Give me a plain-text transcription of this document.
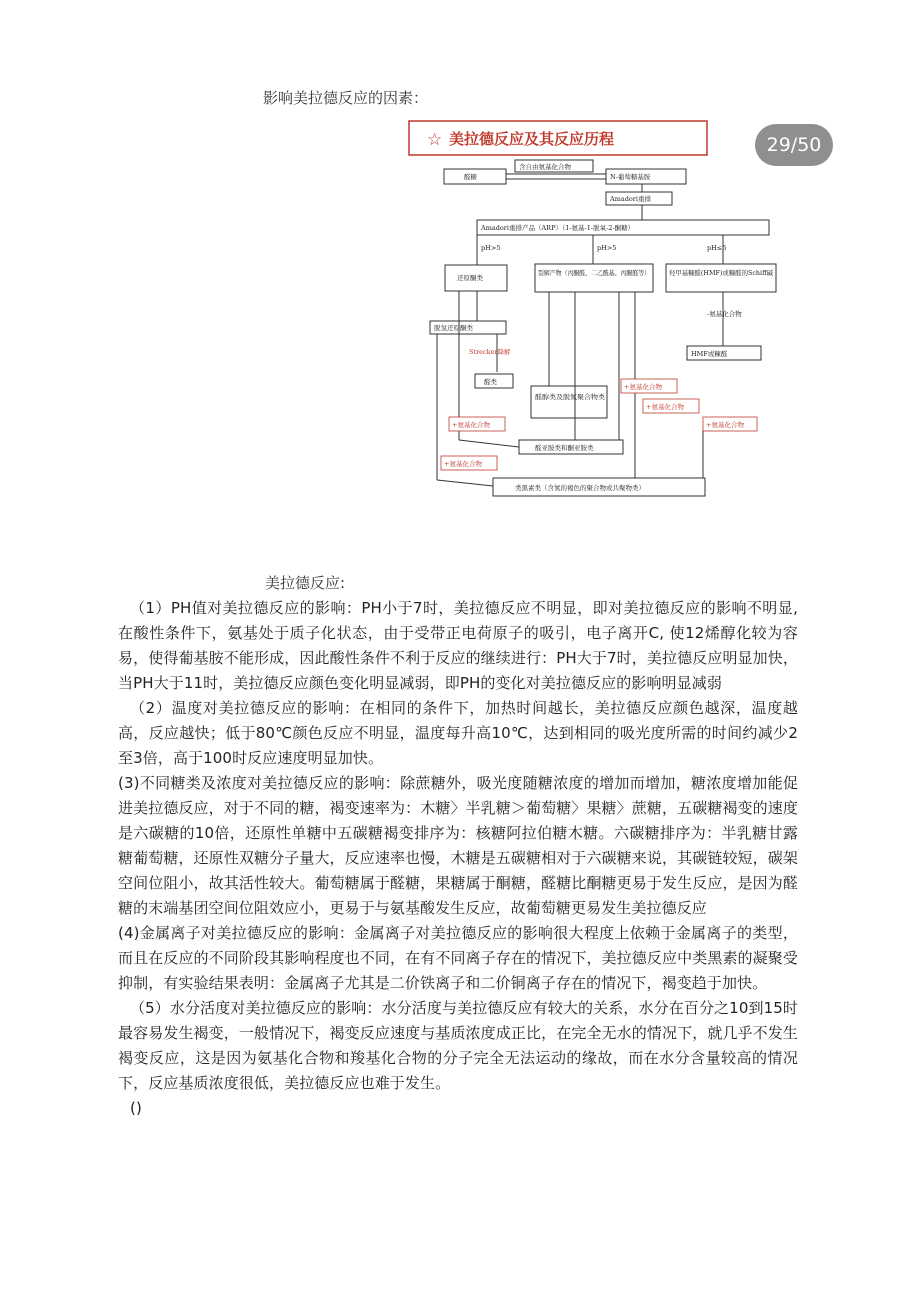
影响美拉德反应的因素：
☆ 美拉德反应及其反应历程
醛糖
含自由氨基化合物
N-葡萄糖基胺
Amadori重排
Amadori重排产品（ARP）（1-氨基-1-脱氧-2-酮糖）
pH>5	pH>5	pH≤5
还原酮类
裂解产物（丙酮醛、二乙酰基、丙酮醛等） 羟甲基糠醛(HMF)或糠醛的Schiff碱
脱氢还原酮类
-氨基化合物
Strecker降解	HMF或糠醛
醛类
醛醇类及脱氮聚合物类
+氨基化合物
+氨基化合物
+氨基化合物	+氨基化合物
+氨基化合物
醛亚胺类和酮亚胺类
类黑素类（含氮的褐色的聚合物或共聚物类）
29/50
美拉德反应:

（1）PH值对美拉德反应的影响：PH小于7时，美拉德反应不明显，即对美拉德反应的影响不明显,在酸性条件下，氨基处于质子化状态，由于受带正电荷原子的吸引，电子离开C, 使12烯醇化较为容易，使得葡基胺不能形成，因此酸性条件不利于反应的继续进行：PH大于7时，美拉德反应明显加快，当PH大于11时，美拉德反应颜色变化明显减弱，即PH的变化对美拉德反应的影响明显减弱

（2）温度对美拉德反应的影响：在相同的条件下，加热时间越长，美拉德反应颜色越深，温度越高，反应越快；低于80℃颜色反应不明显，温度每升高10℃，达到相同的吸光度所需的时间约减少2至3倍，高于100时反应速度明显加快。

(3)不同糖类及浓度对美拉德反应的影响：除蔗糖外，吸光度随糖浓度的增加而增加，糖浓度增加能促进美拉德反应，对于不同的糖，褐变速率为：木糖〉半乳糖＞葡萄糖〉果糖〉蔗糖，五碳糖褐变的速度是六碳糖的10倍，还原性单糖中五碳糖褐变排序为：核糖阿拉伯糖木糖。六碳糖排序为：半乳糖甘露糖葡萄糖，还原性双糖分子量大，反应速率也慢，木糖是五碳糖相对于六碳糖来说，其碳链较短，碳架空间位阻小，故其活性较大。葡萄糖属于醛糖，果糖属于酮糖，醛糖比酮糖更易于发生反应，是因为醛糖的末端基团空间位阻效应小，更易于与氨基酸发生反应，故葡萄糖更易发生美拉德反应

(4)金属离子对美拉德反应的影响：金属离子对美拉德反应的影响很大程度上依赖于金属离子的类型，而且在反应的不同阶段其影响程度也不同，在有不同离子存在的情况下，美拉德反应中类黑素的凝聚受抑制，有实验结果表明：金属离子尤其是二价铁离子和二价铜离子存在的情况下，褐变趋于加快。

（5）水分活度对美拉德反应的影响：水分活度与美拉德反应有较大的关系，水分在百分之10到15时最容易发生褐变，一般情况下，褐变反应速度与基质浓度成正比，在完全无水的情况下，就几乎不发生褐变反应，这是因为氨基化合物和羧基化合物的分子完全无法运动的缘故，而在水分含量较高的情况下，反应基质浓度很低，美拉德反应也难于发生。

()
